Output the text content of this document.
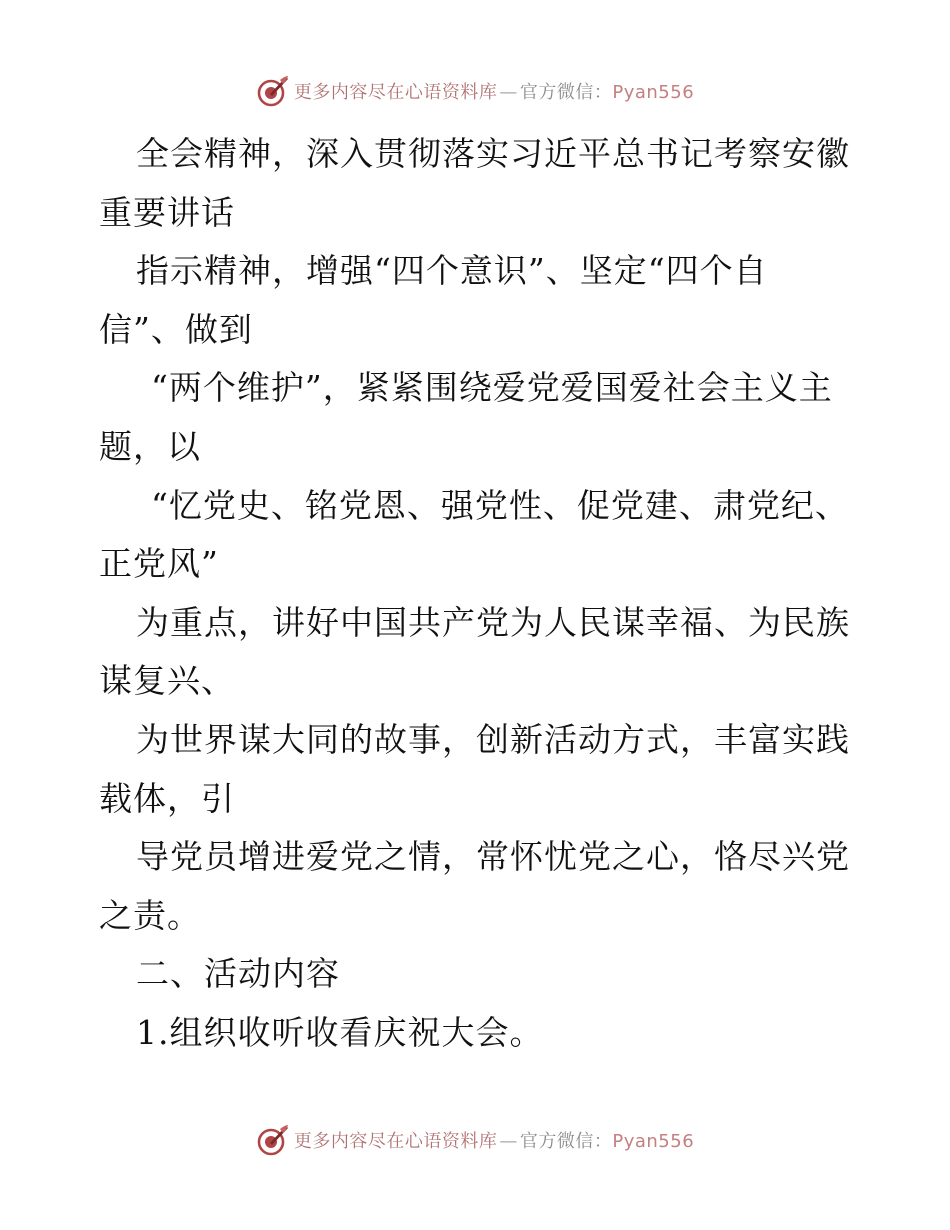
更多内容尽在心语资料库 — 官方微信：Pyan556
全会精神，深入贯彻落实习近平总书记考察安徽
重要讲话
指示精神，增强“四个意识”、坚定“四个自
信”、做到
“两个维护”，紧紧围绕爱党爱国爱社会主义主
题，以
“忆党史、铭党恩、强党性、促党建、肃党纪、
正党风”
为重点，讲好中国共产党为人民谋幸福、为民族
谋复兴、
为世界谋大同的故事，创新活动方式，丰富实践
载体，引
导党员增进爱党之情，常怀忧党之心，恪尽兴党
之责。
二、活动内容
1.组织收听收看庆祝大会。
更多内容尽在心语资料库 — 官方微信：Pyan556
